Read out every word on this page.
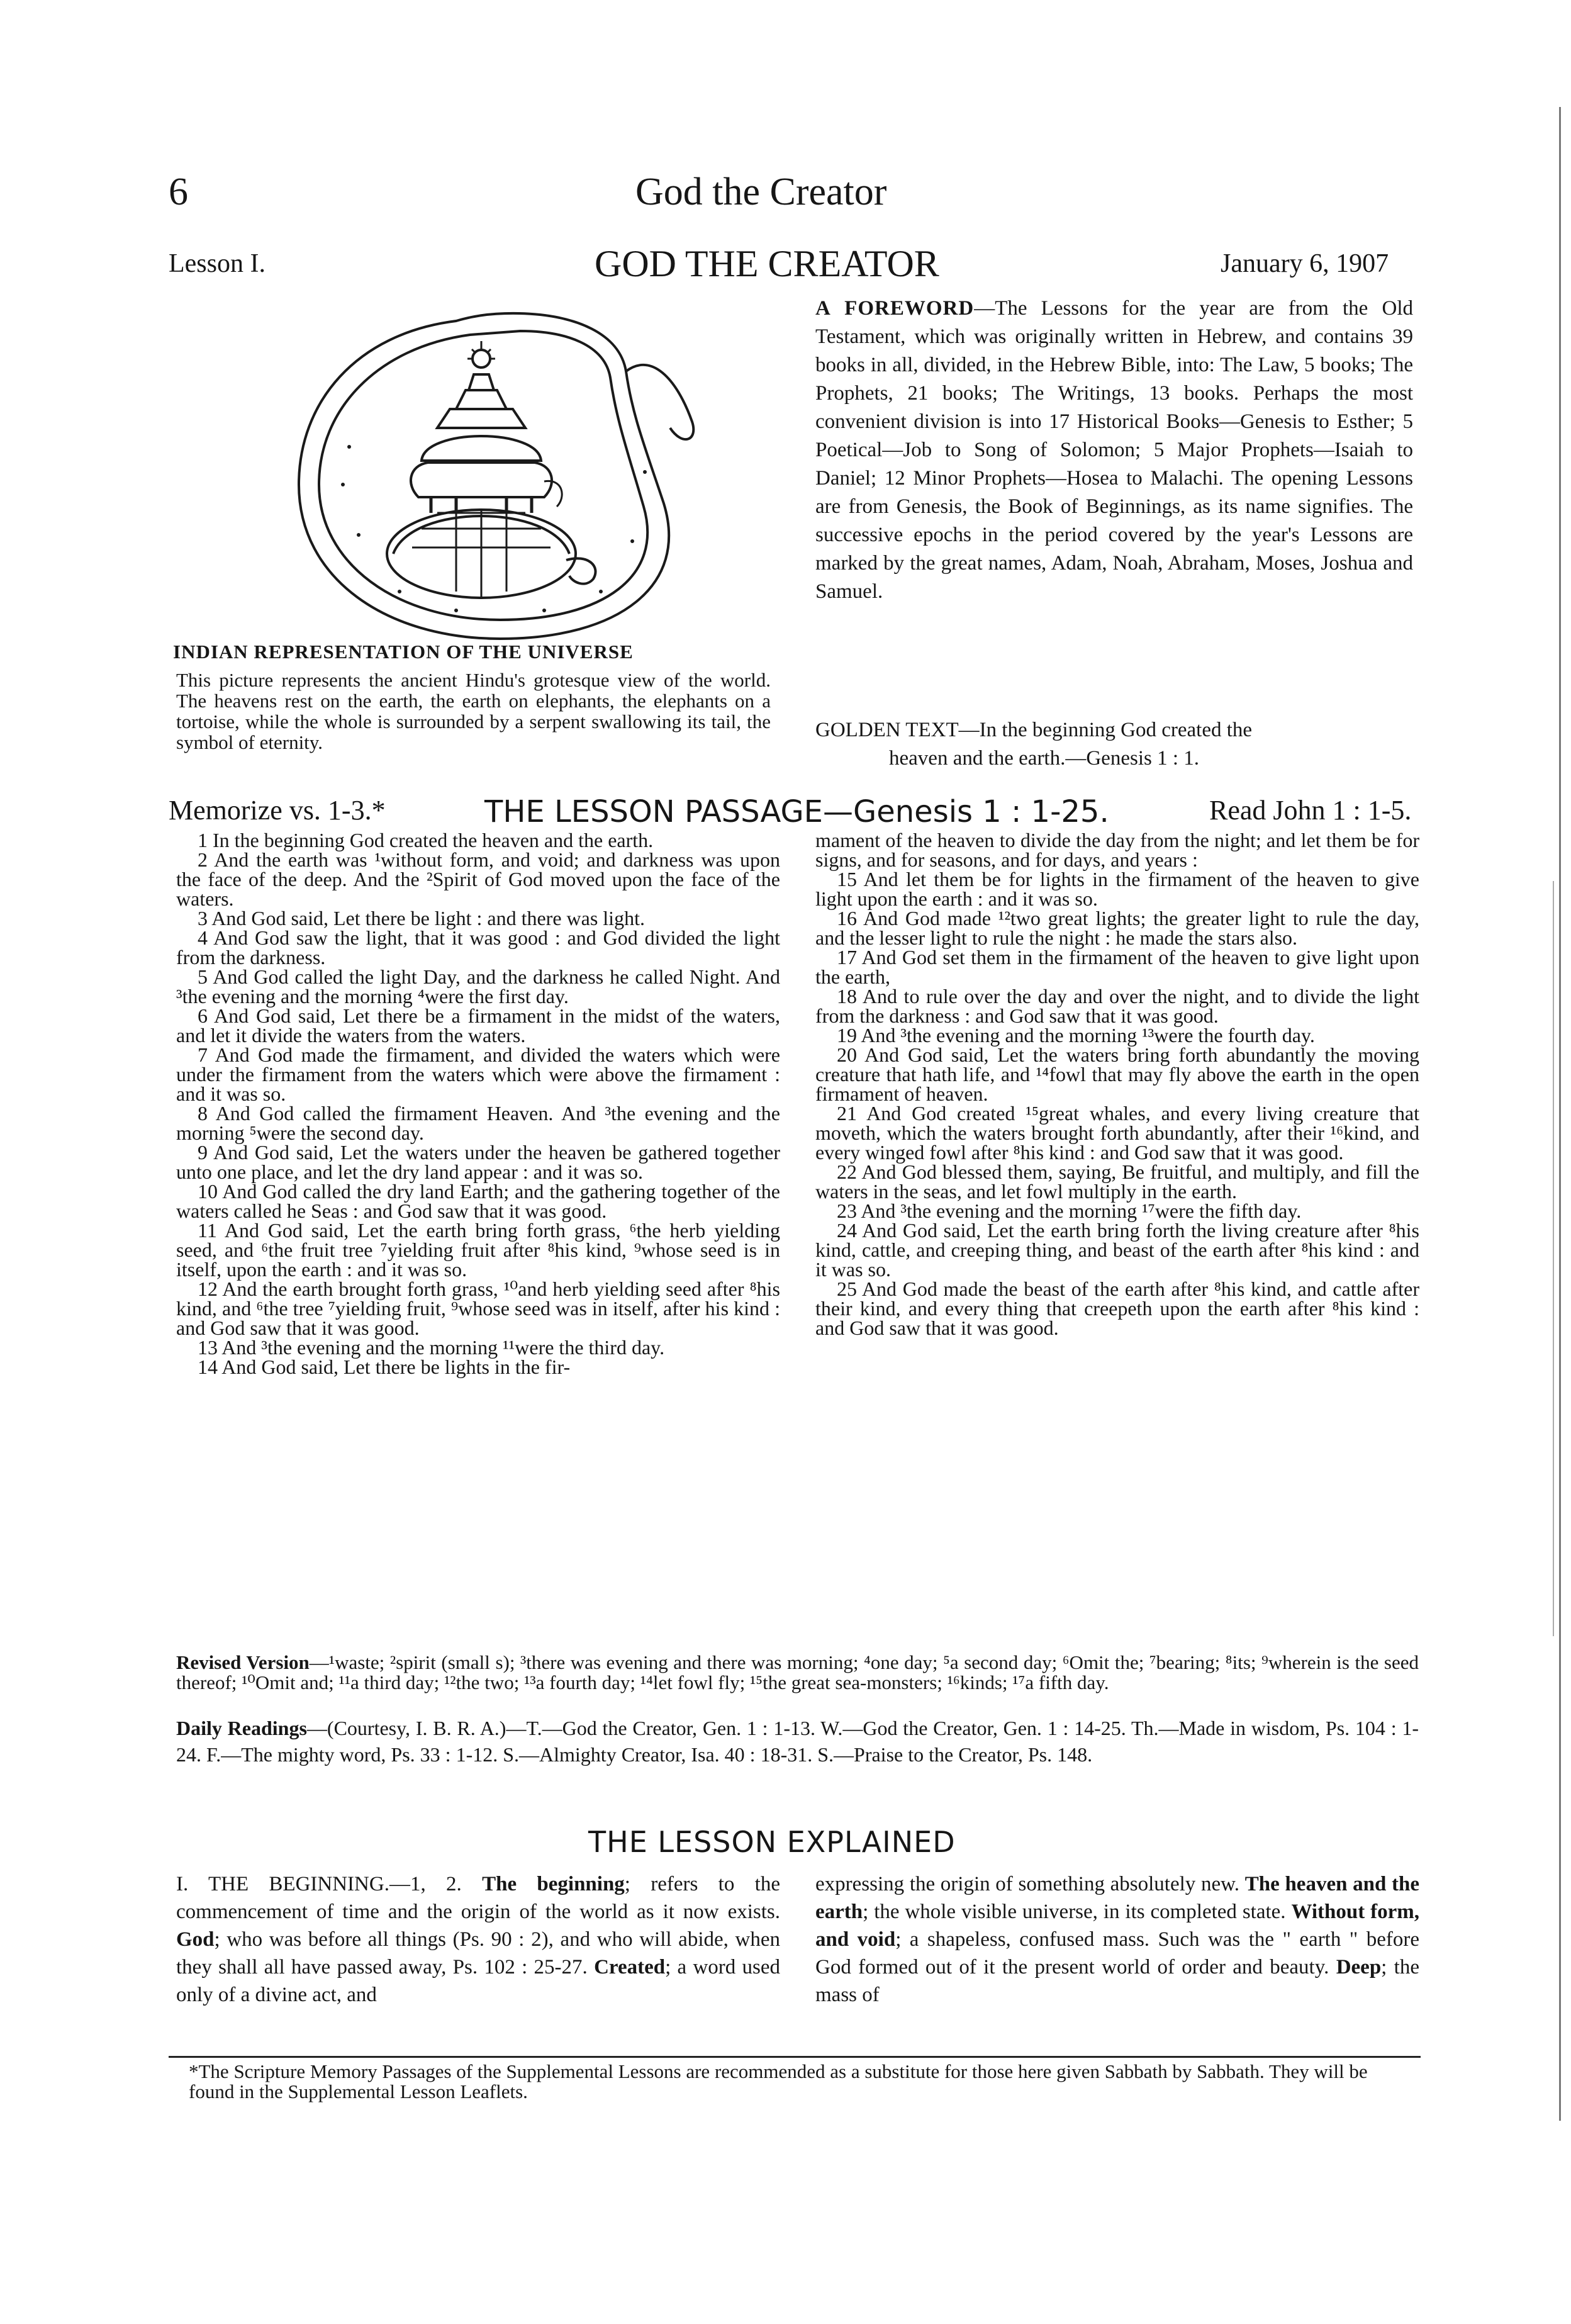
6	God the Creator
Lesson I.	GOD THE CREATOR	January 6, 1907
A FOREWORD—The Lessons for the year are from the Old Testament, which was originally written in Hebrew, and contains 39 books in all, divided, in the Hebrew Bible, into: The Law, 5 books; The Prophets, 21 books; The Writings, 13 books. Perhaps the most convenient division is into 17 Historical Books—Genesis to Esther; 5 Poetical—Job to Song of Solomon; 5 Major Prophets—Isaiah to Daniel; 12 Minor Prophets—Hosea to Malachi. The opening Lessons are from Genesis, the Book of Beginnings, as its name signifies. The successive epochs in the period covered by the year's Lessons are marked by the great names, Adam, Noah, Abraham, Moses, Joshua and Samuel.
INDIAN REPRESENTATION OF THE UNIVERSE
This picture represents the ancient Hindu's grotesque view of the world. The heavens rest on the earth, the earth on elephants, the elephants on a tortoise, while the whole is surrounded by a serpent swallowing its tail, the symbol of eternity.
GOLDEN TEXT—In the beginning God created the
heaven and the earth.—Genesis 1 : 1.
Memorize vs. 1-3.*	THE LESSON PASSAGE—Genesis 1 : 1-25.	Read John 1 : 1-5.

1 In the beginning God created the heaven and the earth.

2 And the earth was ¹without form, and void; and darkness was upon the face of the deep. And the ²Spirit of God moved upon the face of the waters.

3 And God said, Let there be light : and there was light.

4 And God saw the light, that it was good : and God divided the light from the darkness.

5 And God called the light Day, and the darkness he called Night. And ³the evening and the morning ⁴were the first day.

6 And God said, Let there be a firmament in the midst of the waters, and let it divide the waters from the waters.

7 And God made the firmament, and divided the waters which were under the firmament from the waters which were above the firmament : and it was so.

8 And God called the firmament Heaven. And ³the evening and the morning ⁵were the second day.

9 And God said, Let the waters under the heaven be gathered together unto one place, and let the dry land appear : and it was so.

10 And God called the dry land Earth; and the gathering together of the waters called he Seas : and God saw that it was good.

11 And God said, Let the earth bring forth grass, ⁶the herb yielding seed, and ⁶the fruit tree ⁷yielding fruit after ⁸his kind, ⁹whose seed is in itself, upon the earth : and it was so.

12 And the earth brought forth grass, ¹⁰and herb yielding seed after ⁸his kind, and ⁶the tree ⁷yielding fruit, ⁹whose seed was in itself, after his kind : and God saw that it was good.

13 And ³the evening and the morning ¹¹were the third day.

14 And God said, Let there be lights in the fir-

mament of the heaven to divide the day from the night; and let them be for signs, and for seasons, and for days, and years :

15 And let them be for lights in the firmament of the heaven to give light upon the earth : and it was so.

16 And God made ¹²two great lights; the greater light to rule the day, and the lesser light to rule the night : he made the stars also.

17 And God set them in the firmament of the heaven to give light upon the earth,

18 And to rule over the day and over the night, and to divide the light from the darkness : and God saw that it was good.

19 And ³the evening and the morning ¹³were the fourth day.

20 And God said, Let the waters bring forth abundantly the moving creature that hath life, and ¹⁴fowl that may fly above the earth in the open firmament of heaven.

21 And God created ¹⁵great whales, and every living creature that moveth, which the waters brought forth abundantly, after their ¹⁶kind, and every winged fowl after ⁸his kind : and God saw that it was good.

22 And God blessed them, saying, Be fruitful, and multiply, and fill the waters in the seas, and let fowl multiply in the earth.

23 And ³the evening and the morning ¹⁷were the fifth day.

24 And God said, Let the earth bring forth the living creature after ⁸his kind, cattle, and creeping thing, and beast of the earth after ⁸his kind : and it was so.

25 And God made the beast of the earth after ⁸his kind, and cattle after their kind, and every thing that creepeth upon the earth after ⁸his kind : and God saw that it was good.

Revised Version—¹waste; ²spirit (small s); ³there was evening and there was morning; ⁴one day; ⁵a second day; ⁶Omit the; ⁷bearing; ⁸its; ⁹wherein is the seed thereof; ¹⁰Omit and; ¹¹a third day; ¹²the two; ¹³a fourth day; ¹⁴let fowl fly; ¹⁵the great sea-monsters; ¹⁶kinds; ¹⁷a fifth day.
Daily Readings—(Courtesy, I. B. R. A.)—T.—God the Creator, Gen. 1 : 1-13. W.—God the Creator, Gen. 1 : 14-25. Th.—Made in wisdom, Ps. 104 : 1-24. F.—The mighty word, Ps. 33 : 1-12. S.—Almighty Creator, Isa. 40 : 18-31. S.—Praise to the Creator, Ps. 148.
THE LESSON EXPLAINED
I. THE BEGINNING.—1, 2. The beginning; refers to the commencement of time and the origin of the world as it now exists. God; who was before all things (Ps. 90 : 2), and who will abide, when they shall all have passed away, Ps. 102 : 25-27. Created; a word used only of a divine act, and
expressing the origin of something absolutely new. The heaven and the earth; the whole visible universe, in its completed state. Without form, and void; a shapeless, confused mass. Such was the " earth " before God formed out of it the present world of order and beauty. Deep; the mass of
*The Scripture Memory Passages of the Supplemental Lessons are recommended as a substitute for those here given Sabbath by Sabbath. They will be found in the Supplemental Lesson Leaflets.
